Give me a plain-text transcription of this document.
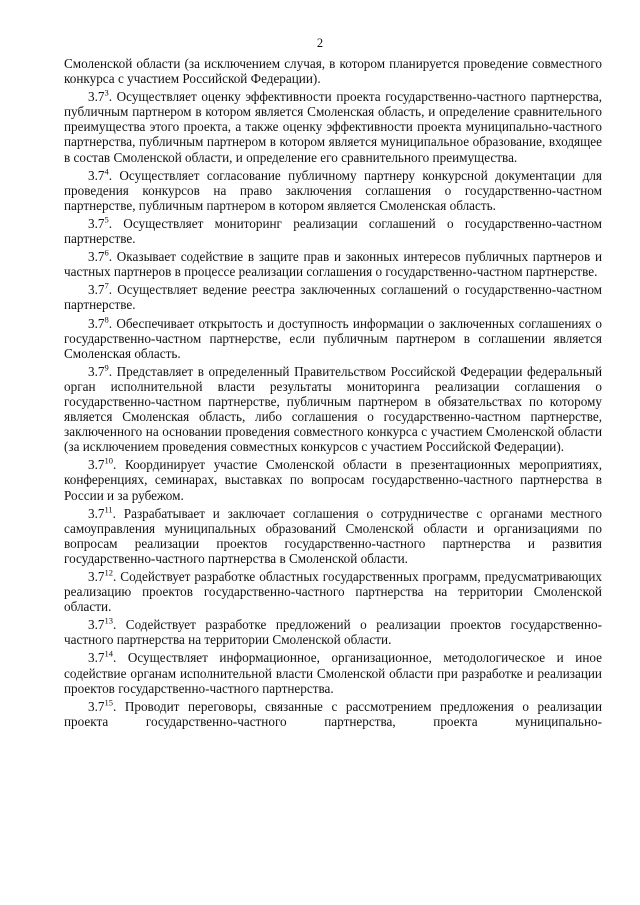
2

Смоленской области (за исключением случая, в котором планируется проведение совместного конкурса с участием Российской Федерации).

$3.7^3$. Осуществляет оценку эффективности проекта государственно-частного партнерства, публичным партнером в котором является Смоленская область, и определение сравнительного преимущества этого проекта, а также оценку эффективности проекта муниципально-частного партнерства, публичным партнером в котором является муниципальное образование, входящее в состав Смоленской области, и определение его сравнительного преимущества.

$3.7^4$. Осуществляет согласование публичному партнеру конкурсной документации для проведения конкурсов на право заключения соглашения о государственно-частном партнерстве, публичным партнером в котором является Смоленская область.

$3.7^5$. Осуществляет мониторинг реализации соглашений о государственно-частном партнерстве.

$3.7^6$. Оказывает содействие в защите прав и законных интересов публичных партнеров и частных партнеров в процессе реализации соглашения о государственно-частном партнерстве.

$3.7^7$. Осуществляет ведение реестра заключенных соглашений о государственно-частном партнерстве.

$3.7^8$. Обеспечивает открытость и доступность информации о заключенных соглашениях о государственно-частном партнерстве, если публичным партнером в соглашении является Смоленская область.

$3.7^9$. Представляет в определенный Правительством Российской Федерации федеральный орган исполнительной власти результаты мониторинга реализации соглашения о государственно-частном партнерстве, публичным партнером в обязательствах по которому является Смоленская область, либо соглашения о государственно-частном партнерстве, заключенного на основании проведения совместного конкурса с участием Смоленской области (за исключением проведения совместных конкурсов с участием Российской Федерации).

$3.7^{10}$. Координирует участие Смоленской области в презентационных мероприятиях, конференциях, семинарах, выставках по вопросам государственно-частного партнерства в России и за рубежом.

$3.7^{11}$. Разрабатывает и заключает соглашения о сотрудничестве с органами местного самоуправления муниципальных образований Смоленской области и организациями по вопросам реализации проектов государственно-частного партнерства и развития государственно-частного партнерства в Смоленской области.

$3.7^{12}$. Содействует разработке областных государственных программ, предусматривающих реализацию проектов государственно-частного партнерства на территории Смоленской области.

$3.7^{13}$. Содействует разработке предложений о реализации проектов государственно-частного партнерства на территории Смоленской области.

$3.7^{14}$. Осуществляет информационное, организационное, методологическое и иное содействие органам исполнительной власти Смоленской области при разработке и реализации проектов государственно-частного партнерства.

$3.7^{15}$. Проводит переговоры, связанные с рассмотрением предложения о реализации проекта государственно-частного партнерства, проекта муниципально-
